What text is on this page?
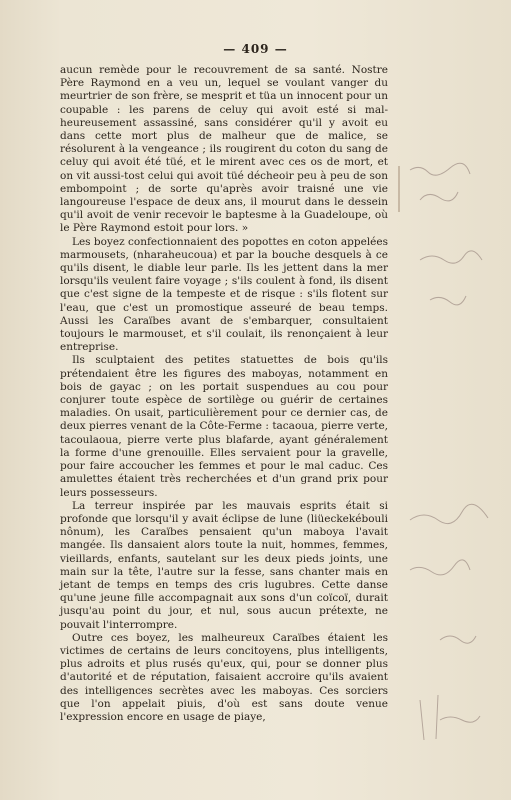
— 409 —

aucun remède pour le recouvrement de sa santé. Nostre Père Raymond en a veu un, lequel se voulant vanger du meurtrier de son frère, se mesprit et tüa un innocent pour un coupable : les parens de celuy qui avoit esté si mal-heureusement assassiné, sans considérer qu'il y avoit eu dans cette mort plus de malheur que de malice, se résolurent à la vengeance ; ils rougirent du coton du sang de celuy qui avoit été tüé, et le mirent avec ces os de mort, et on vit aussi-tost celui qui avoit tüé décheoir peu à peu de son embompoint ; de sorte qu'après avoir traisné une vie langoureuse l'espace de deux ans, il mourut dans le dessein qu'il avoit de venir recevoir le baptesme à la Guadeloupe, où le Père Raymond estoit pour lors. »

Les boyez confectionnaient des popottes en coton appelées marmousets, (nharaheucoua) et par la bouche desquels à ce qu'ils disent, le diable leur parle. Ils les jettent dans la mer lorsqu'ils veulent faire voyage ; s'ils coulent à fond, ils disent que c'est signe de la tempeste et de risque : s'ils flotent sur l'eau, que c'est un promostique asseuré de beau temps. Aussi les Caraïbes avant de s'embarquer, consultaient toujours le marmouset, et s'il coulait, ils renonçaient à leur entreprise.

Ils sculptaient des petites statuettes de bois qu'ils prétendaient être les figures des maboyas, notamment en bois de gayac ; on les portait suspendues au cou pour conjurer toute espèce de sortilège ou guérir de certaines maladies. On usait, particulièrement pour ce dernier cas, de deux pierres venant de la Côte-Ferme : tacaoua, pierre verte, tacoulaoua, pierre verte plus blafarde, ayant généralement la forme d'une grenouille. Elles servaient pour la gravelle, pour faire accoucher les femmes et pour le mal caduc. Ces amulettes étaient très recherchées et d'un grand prix pour leurs possesseurs.

La terreur inspirée par les mauvais esprits était si profonde que lorsqu'il y avait éclipse de lune (liüeckekébouli nônum), les Caraïbes pensaient qu'un maboya l'avait mangée. Ils dansaient alors toute la nuit, hommes, femmes, vieillards, enfants, sautelant sur les deux pieds joints, une main sur la tête, l'autre sur la fesse, sans chanter mais en jetant de temps en temps des cris lugubres. Cette danse qu'une jeune fille accompagnait aux sons d'un coïcoï, durait jusqu'au point du jour, et nul, sous aucun prétexte, ne pouvait l'interrompre.

Outre ces boyez, les malheureux Caraïbes étaient les victimes de certains de leurs concitoyens, plus intelligents, plus adroits et plus rusés qu'eux, qui, pour se donner plus d'autorité et de réputation, faisaient accroire qu'ils avaient des intelligences secrètes avec les maboyas. Ces sorciers que l'on appelait piuis, d'où est sans doute venue l'expression encore en usage de piaye,
